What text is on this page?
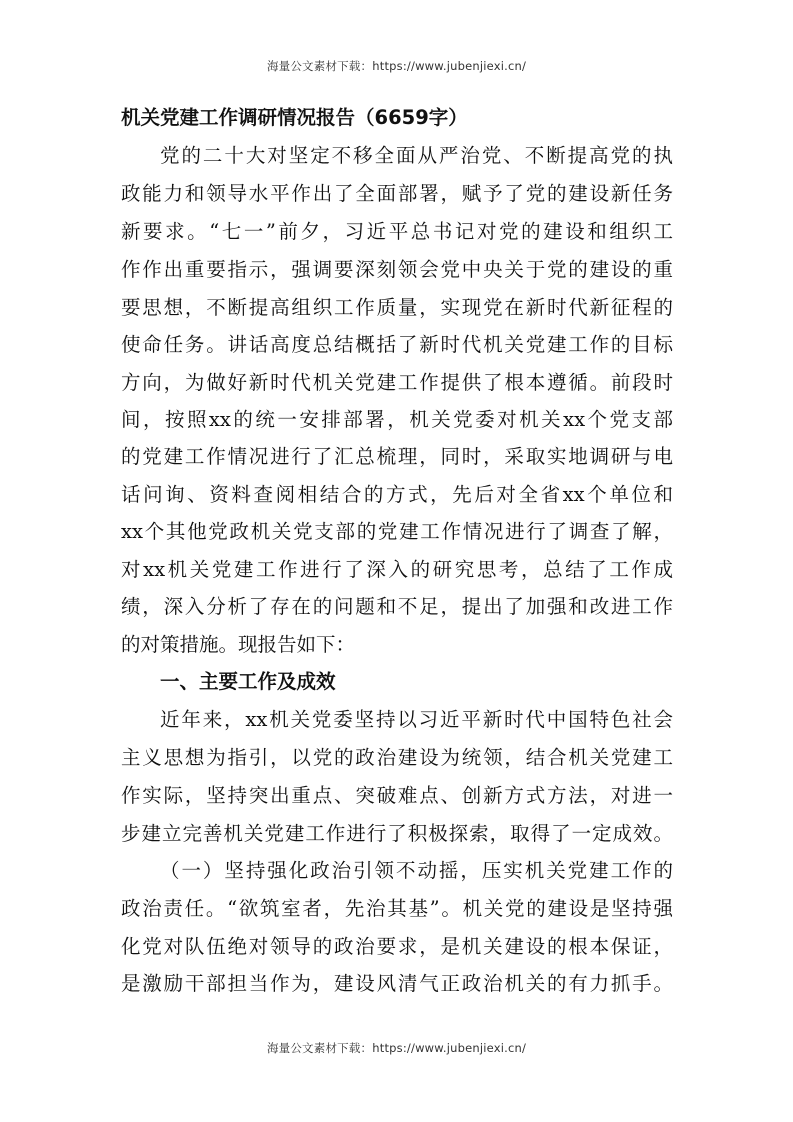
海量公文素材下载：https://www.jubenjiexi.cn/
机关党建工作调研情况报告（6659字）
党的二十大对坚定不移全面从严治党、不断提高党的执
政能力和领导水平作出了全面部署，赋予了党的建设新任务
新要求。“七一”前夕，习近平总书记对党的建设和组织工
作作出重要指示，强调要深刻领会党中央关于党的建设的重
要思想，不断提高组织工作质量，实现党在新时代新征程的
使命任务。讲话高度总结概括了新时代机关党建工作的目标
方向，为做好新时代机关党建工作提供了根本遵循。前段时
间，按照xx的统一安排部署，机关党委对机关xx个党支部
的党建工作情况进行了汇总梳理，同时，采取实地调研与电
话问询、资料查阅相结合的方式，先后对全省xx个单位和
xx个其他党政机关党支部的党建工作情况进行了调查了解，
对xx机关党建工作进行了深入的研究思考，总结了工作成
绩，深入分析了存在的问题和不足，提出了加强和改进工作
的对策措施。现报告如下：
一、主要工作及成效
近年来，xx机关党委坚持以习近平新时代中国特色社会
主义思想为指引，以党的政治建设为统领，结合机关党建工
作实际，坚持突出重点、突破难点、创新方式方法，对进一
步建立完善机关党建工作进行了积极探索，取得了一定成效。
（一）坚持强化政治引领不动摇，压实机关党建工作的
政治责任。“欲筑室者，先治其基”。机关党的建设是坚持强
化党对队伍绝对领导的政治要求，是机关建设的根本保证，
是激励干部担当作为，建设风清气正政治机关的有力抓手。
海量公文素材下载：https://www.jubenjiexi.cn/
